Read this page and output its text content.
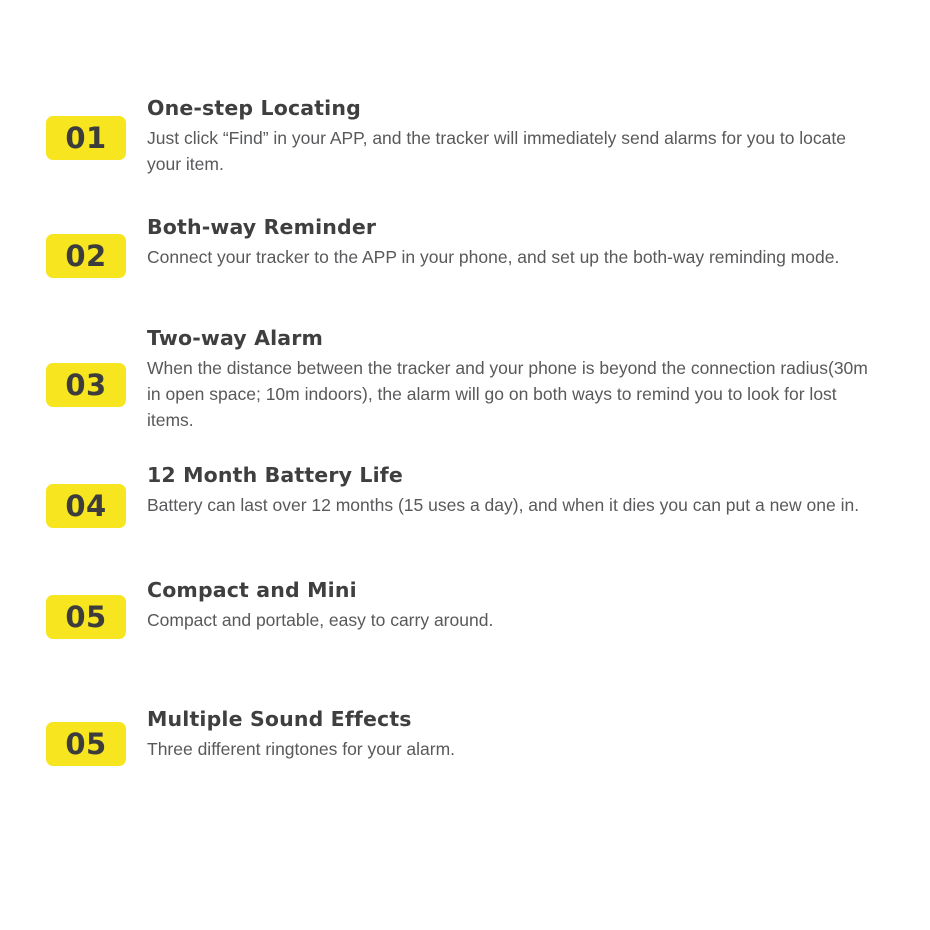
01
One-step Locating
Just click “Find” in your APP, and the tracker will immediately send alarms for you to locate your item.
02
Both-way Reminder
Connect your tracker to the APP in your phone, and set up the both-way reminding mode.
03
Two-way Alarm
When the distance between the tracker and your phone is beyond the connection radius(30m in open space; 10m indoors), the alarm will go on both ways to remind you to look for lost items.
04
12 Month Battery Life
Battery can last over 12 months (15 uses a day), and when it dies you can put a new one in.
05
Compact and Mini
Compact and portable, easy to carry around.
05
Multiple Sound Effects
Three different ringtones for your alarm.
